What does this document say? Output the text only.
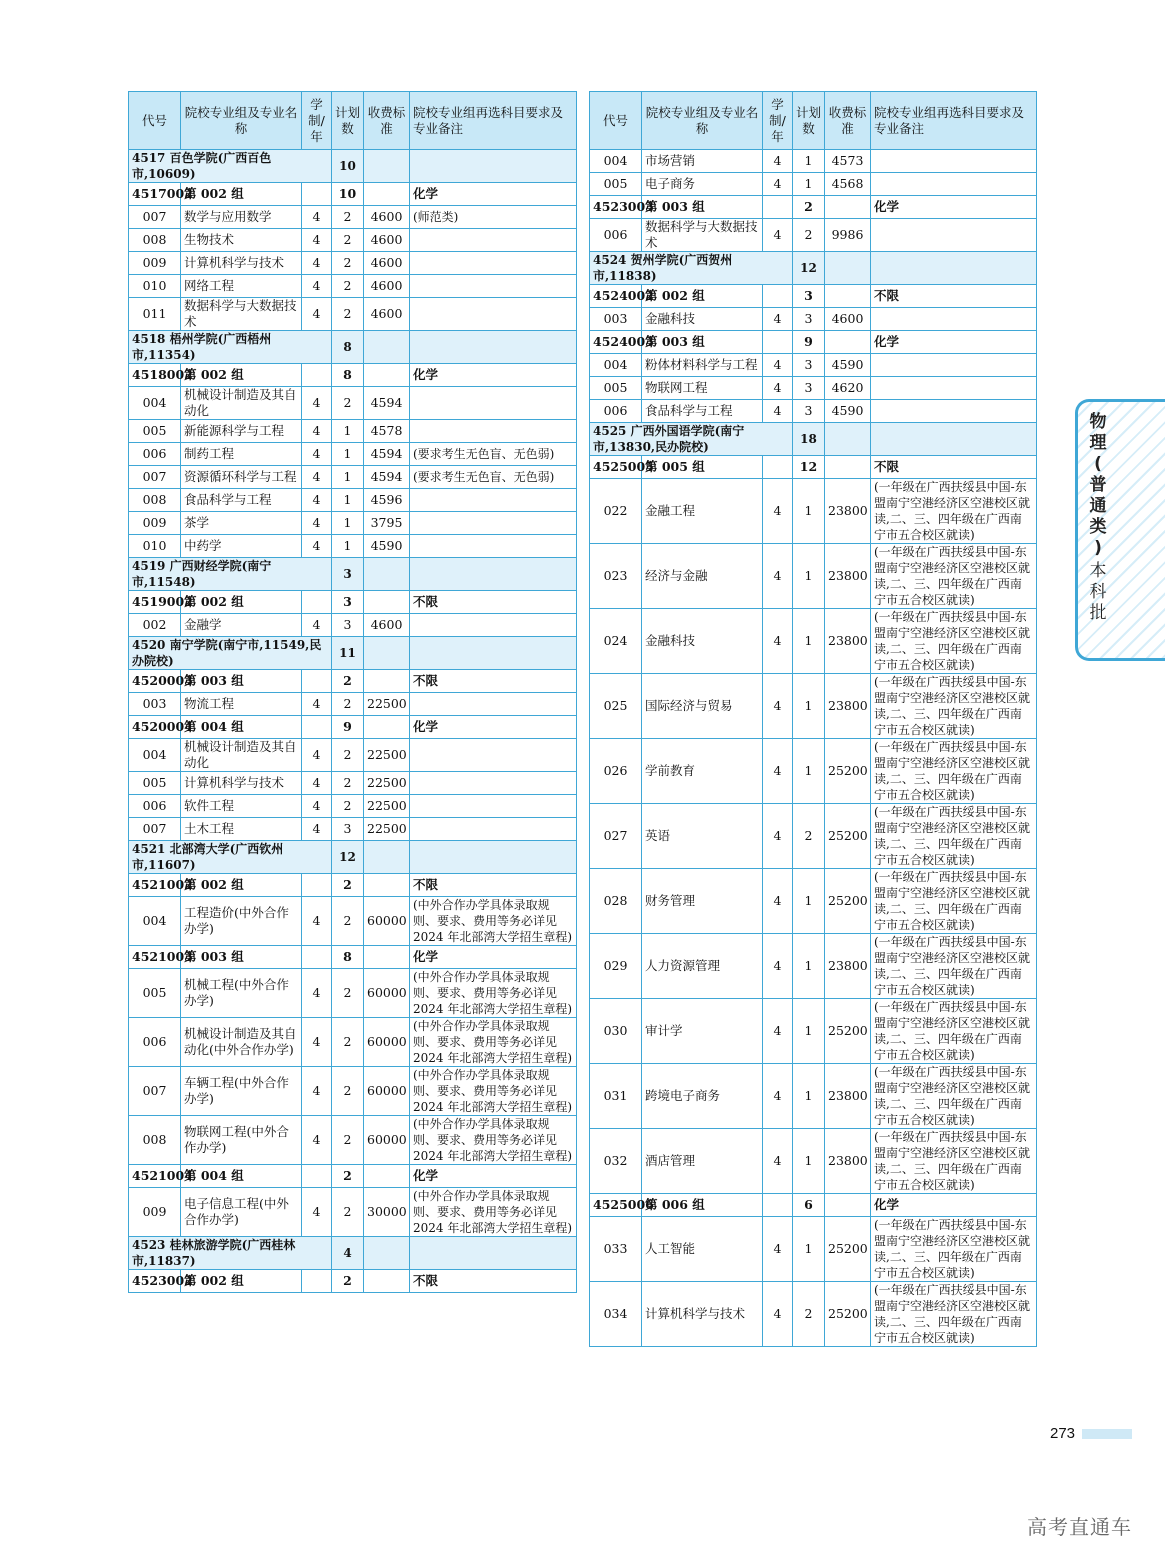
代号	院校专业组及专业名称	学制/年	计划数	收费标准	院校专业组再选科目要求及专业备注
4517 百色学院(广西百色市,10609)			10		
4517002	第 002 组		10		化学
007	数学与应用数学	4	2	4600	(师范类)
008	生物技术	4	2	4600	
009	计算机科学与技术	4	2	4600	
010	网络工程	4	2	4600	
011	数据科学与大数据技术	4	2	4600	
4518 梧州学院(广西梧州市,11354)			8		
4518002	第 002 组		8		化学
004	机械设计制造及其自动化	4	2	4594	
005	新能源科学与工程	4	1	4578	
006	制药工程	4	1	4594	(要求考生无色盲、无色弱)
007	资源循环科学与工程	4	1	4594	(要求考生无色盲、无色弱)
008	食品科学与工程	4	1	4596	
009	茶学	4	1	3795	
010	中药学	4	1	4590	
4519 广西财经学院(南宁市,11548)			3		
4519002	第 002 组		3		不限
002	金融学	4	3	4600	
4520 南宁学院(南宁市,11549,民办院校)			11		
4520003	第 003 组		2		不限
003	物流工程	4	2	22500	
4520004	第 004 组		9		化学
004	机械设计制造及其自动化	4	2	22500	
005	计算机科学与技术	4	2	22500	
006	软件工程	4	2	22500	
007	土木工程	4	3	22500	
4521 北部湾大学(广西钦州市,11607)			12		
4521002	第 002 组		2		不限
004	工程造价(中外合作办学)	4	2	60000	(中外合作办学具体录取规则、要求、费用等务必详见2024 年北部湾大学招生章程)
4521003	第 003 组		8		化学
005	机械工程(中外合作办学)	4	2	60000	(中外合作办学具体录取规则、要求、费用等务必详见2024 年北部湾大学招生章程)
006	机械设计制造及其自动化(中外合作办学)	4	2	60000	(中外合作办学具体录取规则、要求、费用等务必详见2024 年北部湾大学招生章程)
007	车辆工程(中外合作办学)	4	2	60000	(中外合作办学具体录取规则、要求、费用等务必详见2024 年北部湾大学招生章程)
008	物联网工程(中外合作办学)	4	2	60000	(中外合作办学具体录取规则、要求、费用等务必详见2024 年北部湾大学招生章程)
4521004	第 004 组		2		化学
009	电子信息工程(中外合作办学)	4	2	30000	(中外合作办学具体录取规则、要求、费用等务必详见2024 年北部湾大学招生章程)
4523 桂林旅游学院(广西桂林市,11837)			4		
4523002	第 002 组		2		不限
代号	院校专业组及专业名称	学制/年	计划数	收费标准	院校专业组再选科目要求及专业备注
004	市场营销	4	1	4573	
005	电子商务	4	1	4568	
4523003	第 003 组		2		化学
006	数据科学与大数据技术	4	2	9986	
4524 贺州学院(广西贺州市,11838)			12		
4524002	第 002 组		3		不限
003	金融科技	4	3	4600	
4524003	第 003 组		9		化学
004	粉体材料科学与工程	4	3	4590	
005	物联网工程	4	3	4620	
006	食品科学与工程	4	3	4590	
4525 广西外国语学院(南宁市,13830,民办院校)			18		
4525005	第 005 组		12		不限
022	金融工程	4	1	23800	(一年级在广西扶绥县中国-东盟南宁空港经济区空港校区就读,二、三、四年级在广西南宁市五合校区就读)
023	经济与金融	4	1	23800	(一年级在广西扶绥县中国-东盟南宁空港经济区空港校区就读,二、三、四年级在广西南宁市五合校区就读)
024	金融科技	4	1	23800	(一年级在广西扶绥县中国-东盟南宁空港经济区空港校区就读,二、三、四年级在广西南宁市五合校区就读)
025	国际经济与贸易	4	1	23800	(一年级在广西扶绥县中国-东盟南宁空港经济区空港校区就读,二、三、四年级在广西南宁市五合校区就读)
026	学前教育	4	1	25200	(一年级在广西扶绥县中国-东盟南宁空港经济区空港校区就读,二、三、四年级在广西南宁市五合校区就读)
027	英语	4	2	25200	(一年级在广西扶绥县中国-东盟南宁空港经济区空港校区就读,二、三、四年级在广西南宁市五合校区就读)
028	财务管理	4	1	25200	(一年级在广西扶绥县中国-东盟南宁空港经济区空港校区就读,二、三、四年级在广西南宁市五合校区就读)
029	人力资源管理	4	1	23800	(一年级在广西扶绥县中国-东盟南宁空港经济区空港校区就读,二、三、四年级在广西南宁市五合校区就读)
030	审计学	4	1	25200	(一年级在广西扶绥县中国-东盟南宁空港经济区空港校区就读,二、三、四年级在广西南宁市五合校区就读)
031	跨境电子商务	4	1	23800	(一年级在广西扶绥县中国-东盟南宁空港经济区空港校区就读,二、三、四年级在广西南宁市五合校区就读)
032	酒店管理	4	1	23800	(一年级在广西扶绥县中国-东盟南宁空港经济区空港校区就读,二、三、四年级在广西南宁市五合校区就读)
4525006	第 006 组		6		化学
033	人工智能	4	1	25200	(一年级在广西扶绥县中国-东盟南宁空港经济区空港校区就读,二、三、四年级在广西南宁市五合校区就读)
034	计算机科学与技术	4	2	25200	(一年级在广西扶绥县中国-东盟南宁空港经济区空港校区就读,二、三、四年级在广西南宁市五合校区就读)
物
理
(
普
通
类
)
本
科
批
273
高考直通车
